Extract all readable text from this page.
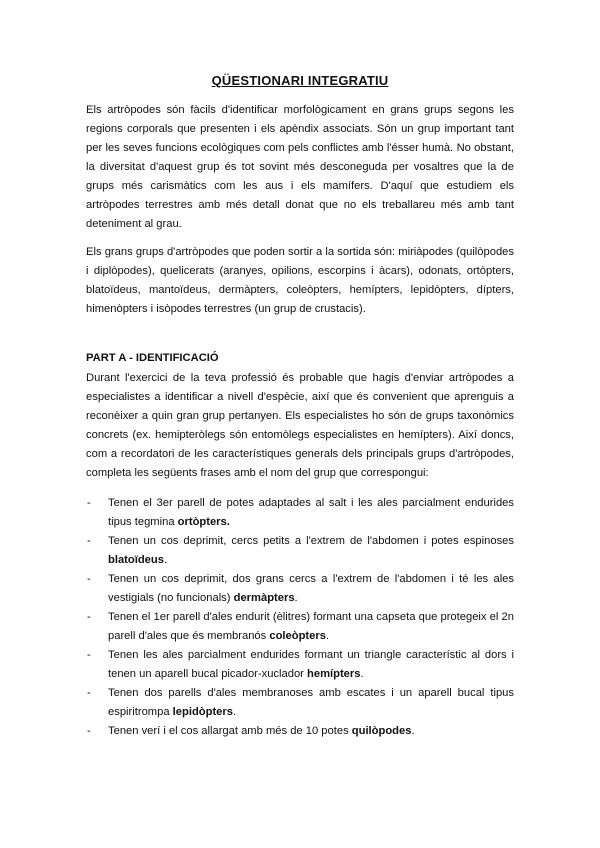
QÜESTIONARI INTEGRATIU

Els artròpodes són fàcils d'identificar morfològicament en grans grups segons les regions corporals que presenten i els apèndix associats. Són un grup important tant per les seves funcions ecològiques com pels conflictes amb l'ésser humà. No obstant, la diversitat d'aquest grup és tot sovint més desconeguda per vosaltres que la de grups més carismàtics com les aus i els mamífers. D'aquí que estudiem els artròpodes terrestres amb més detall donat que no els treballareu més amb tant deteniment al grau.

Els grans grups d'artròpodes que poden sortir a la sortida són: miriàpodes (quilòpodes i diplòpodes), quelicerats (aranyes, opilions, escorpins i àcars), odonats, ortòpters, blatoïdeus, mantoïdeus, dermàpters, coleòpters, hemípters, lepidòpters, dípters, himenòpters i isòpodes terrestres (un grup de crustacis).

PART A - IDENTIFICACIÓ

Durant l'exercici de la teva professió és probable que hagis d'enviar artròpodes a especialistes a identificar a nivell d'espècie, així que és convenient que aprenguis a reconèixer a quin gran grup pertanyen. Els especialistes ho són de grups taxonòmics concrets (ex. hemipteròlegs són entomòlegs especialistes en hemípters). Així doncs, com a recordatori de les característiques generals dels principals grups d'artròpodes, completa les següents frases amb el nom del grup que correspongui:

- Tenen el 3er parell de potes adaptades al salt i les ales parcialment endurides tipus tegmina ortòpters.
- Tenen un cos deprimit, cercs petits a l'extrem de l'abdomen i potes espinoses blatoïdeus.
- Tenen un cos deprimit, dos grans cercs a l'extrem de l'abdomen i té les ales vestigials (no funcionals) dermàpters.
- Tenen el 1er parell d'ales endurit (èlitres) formant una capseta que protegeix el 2n parell d'ales que és membranós coleòpters.
- Tenen les ales parcialment endurides formant un triangle característic al dors i tenen un aparell bucal picador-xuclador hemípters.
- Tenen dos parells d'ales membranoses amb escates i un aparell bucal tipus espiritrompa lepidòpters.
- Tenen verí i el cos allargat amb més de 10 potes quilòpodes.
